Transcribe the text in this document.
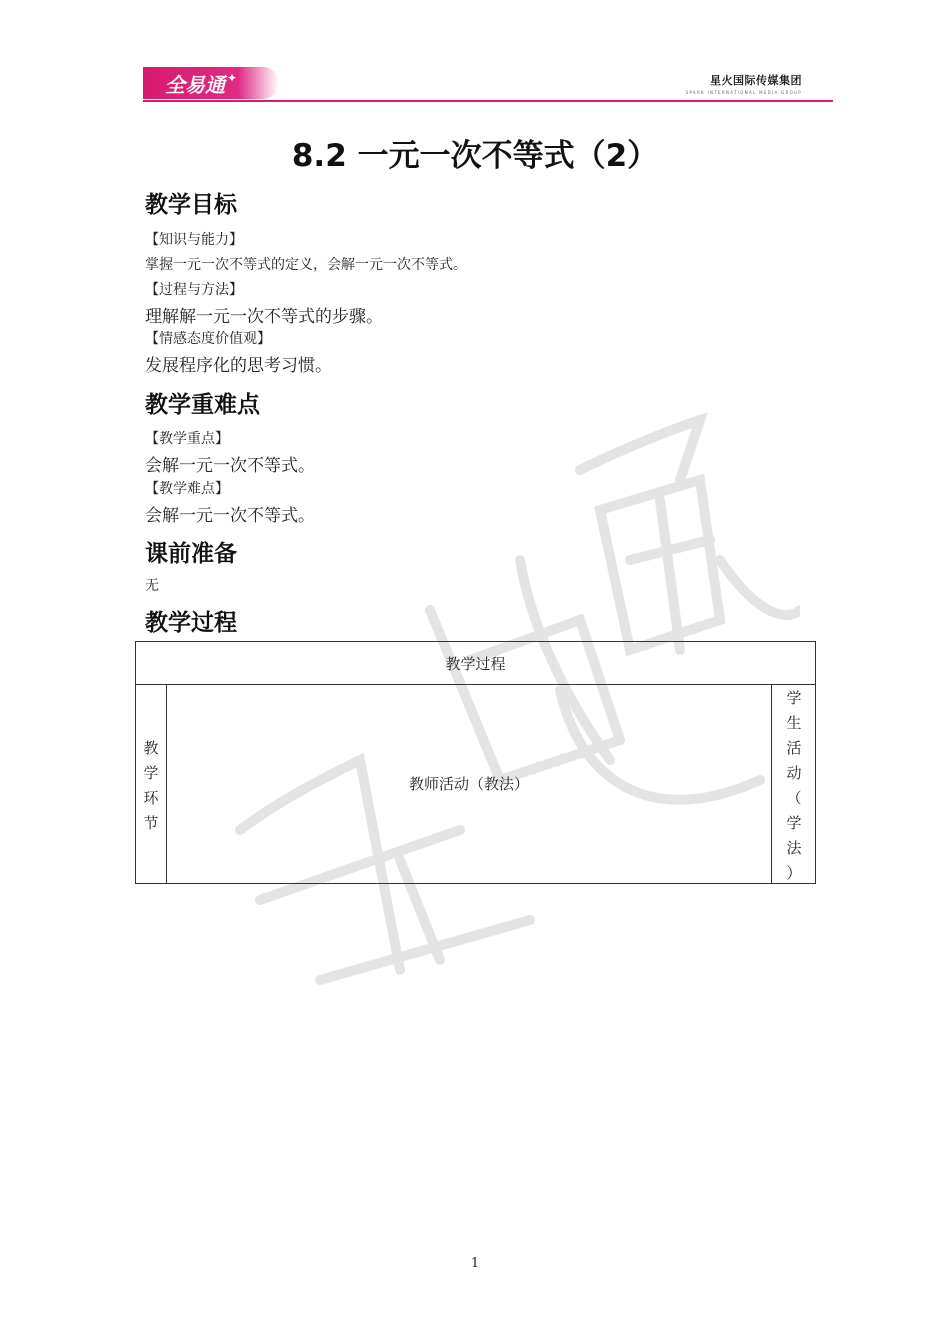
全易通 ✦	星火国际传媒集团
SPARK INTERNATIONAL MEDIA GROUP
8.2 一元一次不等式（2）
教学目标
【知识与能力】
掌握一元一次不等式的定义，会解一元一次不等式。
【过程与方法】
理解解一元一次不等式的步骤。
【情感态度价值观】
发展程序化的思考习惯。
教学重难点
【教学重点】
会解一元一次不等式。
【教学难点】
会解一元一次不等式。
课前准备
无
教学过程
教学过程
教
学
环
节
教师活动（教法）
学
生
活
动
（
学
法
）
1
